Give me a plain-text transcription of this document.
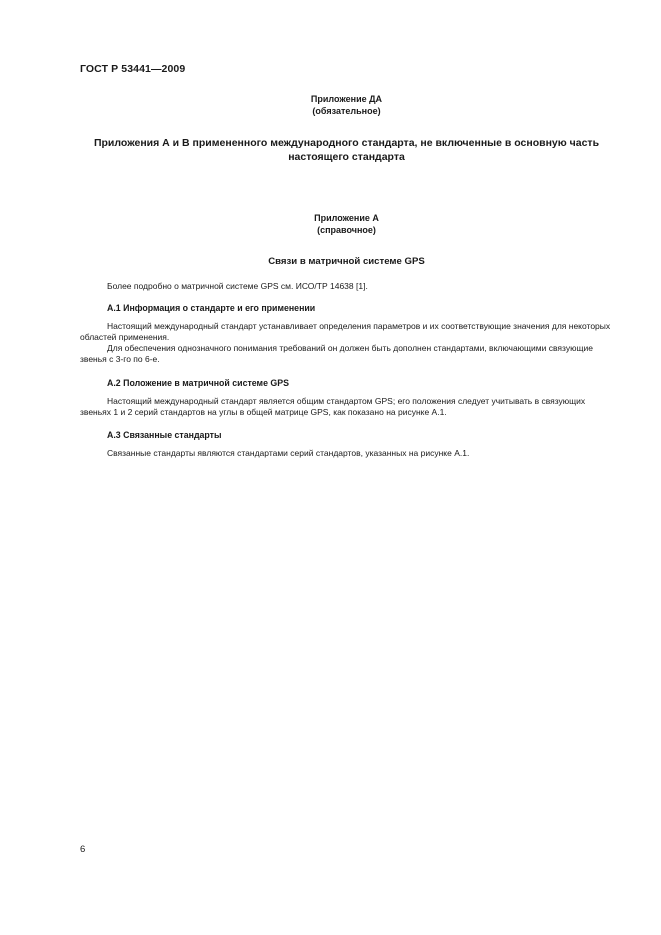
ГОСТ Р 53441—2009
Приложение ДА
(обязательное)
Приложения А и В примененного международного стандарта, не включенные в основную часть
настоящего стандарта
Приложение А
(справочное)
Связи в матричной системе GPS

Более подробно о матричной системе GPS см. ИСО/ТР 14638 [1].

А.1 Информация о стандарте и его применении

Настоящий международный стандарт устанавливает определения параметров и их соответствующие значения для некоторых областей применения.

Для обеспечения однозначного понимания требований он должен быть дополнен стандартами, включающими связующие звенья с 3-го по 6-е.

А.2 Положение в матричной системе GPS

Настоящий международный стандарт является общим стандартом GPS; его положения следует учитывать в связующих звеньях 1 и 2 серий стандартов на углы в общей матрице GPS, как показано на рисунке А.1.

А.3 Связанные стандарты

Связанные стандарты являются стандартами серий стандартов, указанных на рисунке А.1.

6
